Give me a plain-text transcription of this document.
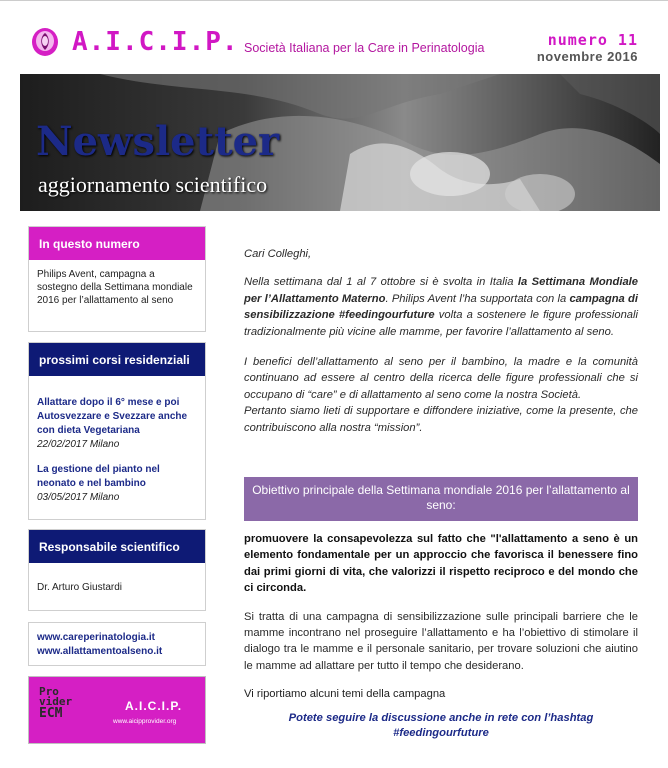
A.I.C.I.P. Società Italiana per la Care in Perinatologia	numero 11
novembre 2016
Newsletter
aggiornamento scientifico
In questo numero
Philips Avent, campagna a sostegno della Settimana mondiale 2016 per l’allattamento al seno
prossimi corsi residenziali
Allattare dopo il 6° mese e poi Autosvezzare e Svezzare anche con dieta Vegetariana
22/02/2017 Milano
La gestione del pianto nel neonato e nel bambino
03/05/2017 Milano
Responsabile scientifico
Dr. Arturo Giustardi
www.careperinatologia.it
www.allattamentoalseno.it
Pro
vider
ECM	A.I.C.I.P.
www.aicipprovider.org

Cari Colleghi,

Nella settimana dal 1 al 7 ottobre si è svolta in Italia la Settimana Mondiale per l’Allattamento Materno. Philips Avent l’ha supportata con la campagna di sensibilizzazione #feedingourfuture volta a sostenere le figure professionali tradizionalmente più vicine alle mamme, per favorire l’allattamento al seno.

I benefici dell’allattamento al seno per il bambino, la madre e la comunità continuano ad essere al centro della ricerca delle figure professionali che si occupano di “care” e di allattamento al seno come la nostra Società.

Pertanto siamo lieti di supportare e diffondere iniziative, come la presente, che contribuiscono alla nostra “mission”.

Obiettivo principale della Settimana mondiale 2016 per l’allattamento al seno:

promuovere la consapevolezza sul fatto che "l'allattamento a seno è un elemento fondamentale per un approccio che favorisca il benessere fino dai primi giorni di vita, che valorizzi il rispetto reciproco e del mondo che ci circonda.

Si tratta di una campagna di sensibilizzazione sulle principali barriere che le mamme incontrano nel proseguire l’allattamento e ha l’obiettivo di stimolare il dialogo tra le mamme e il personale sanitario, per trovare soluzioni che aiutino le mamme ad allattare per tutto il tempo che desiderano.

Vi riportiamo alcuni temi della campagna

Potete seguire la discussione anche in rete con l’hashtag

#feedingourfuture
